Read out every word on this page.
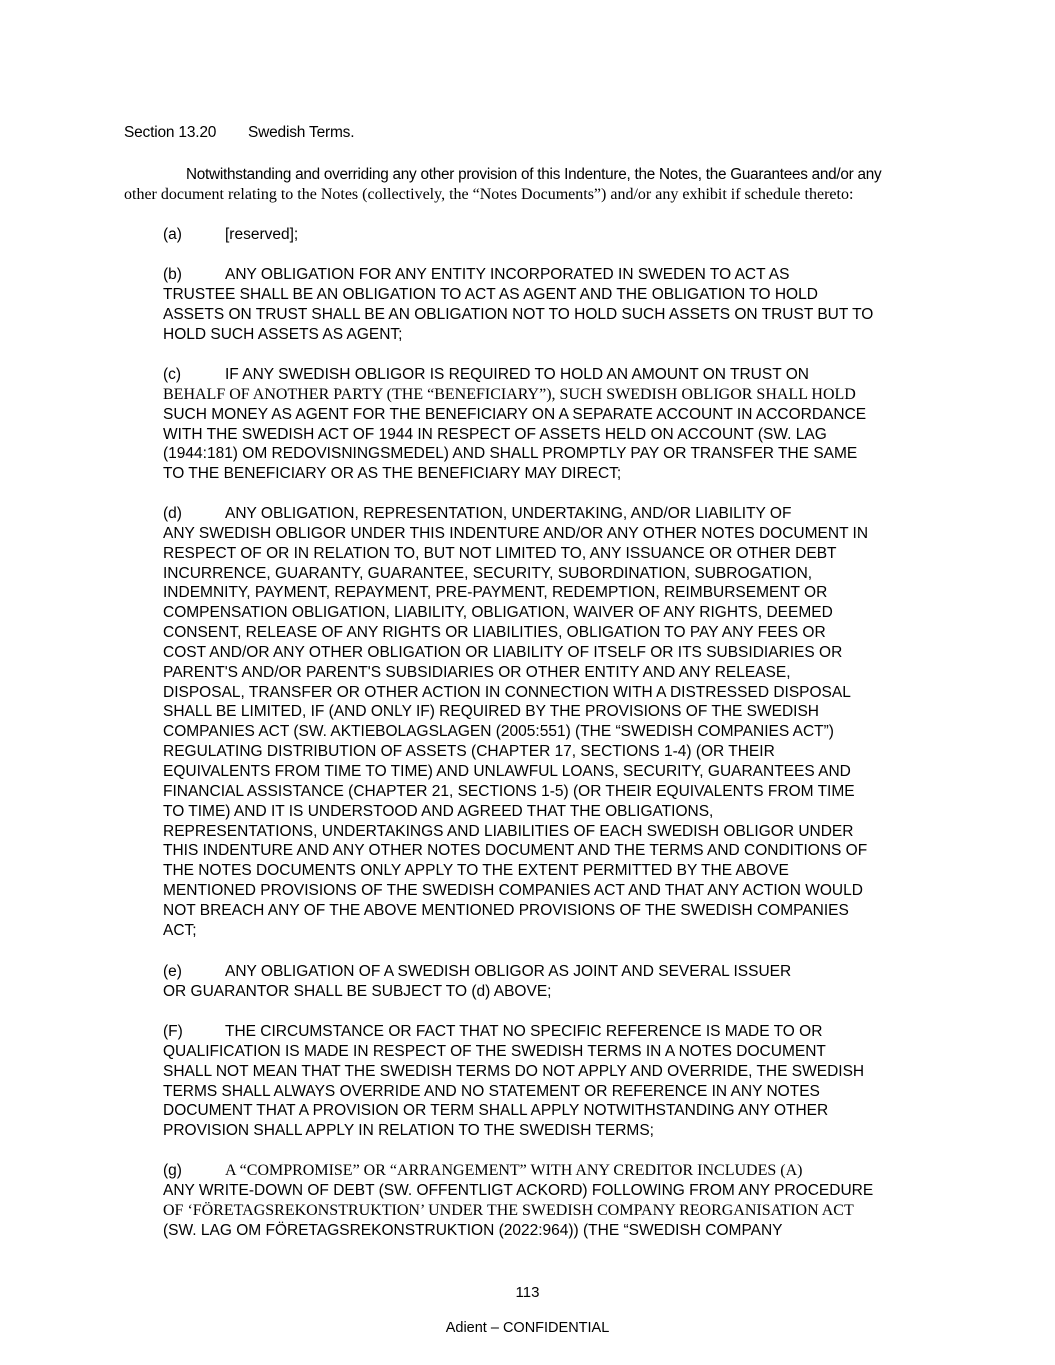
Section 13.20 Swedish Terms.
Notwithstanding and overriding any other provision of this Indenture, the Notes, the Guarantees and/or any
other document relating to the Notes (collectively, the “Notes Documents”) and/or any exhibit if schedule thereto:
(a)	[reserved];
(b)	ANY OBLIGATION FOR ANY ENTITY INCORPORATED IN SWEDEN TO ACT AS
TRUSTEE SHALL BE AN OBLIGATION TO ACT AS AGENT AND THE OBLIGATION TO HOLD
ASSETS ON TRUST SHALL BE AN OBLIGATION NOT TO HOLD SUCH ASSETS ON TRUST BUT TO
HOLD SUCH ASSETS AS AGENT;
(c)	IF ANY SWEDISH OBLIGOR IS REQUIRED TO HOLD AN AMOUNT ON TRUST ON
BEHALF OF ANOTHER PARTY (THE “BENEFICIARY”), SUCH SWEDISH OBLIGOR SHALL HOLD
SUCH MONEY AS AGENT FOR THE BENEFICIARY ON A SEPARATE ACCOUNT IN ACCORDANCE
WITH THE SWEDISH ACT OF 1944 IN RESPECT OF ASSETS HELD ON ACCOUNT (SW. LAG
(1944:181) OM REDOVISNINGSMEDEL) AND SHALL PROMPTLY PAY OR TRANSFER THE SAME
TO THE BENEFICIARY OR AS THE BENEFICIARY MAY DIRECT;
(d)	ANY OBLIGATION, REPRESENTATION, UNDERTAKING, AND/OR LIABILITY OF
ANY SWEDISH OBLIGOR UNDER THIS INDENTURE AND/OR ANY OTHER NOTES DOCUMENT IN
RESPECT OF OR IN RELATION TO, BUT NOT LIMITED TO, ANY ISSUANCE OR OTHER DEBT
INCURRENCE, GUARANTY, GUARANTEE, SECURITY, SUBORDINATION, SUBROGATION,
INDEMNITY, PAYMENT, REPAYMENT, PRE-PAYMENT, REDEMPTION, REIMBURSEMENT OR
COMPENSATION OBLIGATION, LIABILITY, OBLIGATION, WAIVER OF ANY RIGHTS, DEEMED
CONSENT, RELEASE OF ANY RIGHTS OR LIABILITIES, OBLIGATION TO PAY ANY FEES OR
COST AND/OR ANY OTHER OBLIGATION OR LIABILITY OF ITSELF OR ITS SUBSIDIARIES OR
PARENT'S AND/OR PARENT'S SUBSIDIARIES OR OTHER ENTITY AND ANY RELEASE,
DISPOSAL, TRANSFER OR OTHER ACTION IN CONNECTION WITH A DISTRESSED DISPOSAL
SHALL BE LIMITED, IF (AND ONLY IF) REQUIRED BY THE PROVISIONS OF THE SWEDISH
COMPANIES ACT (SW. AKTIEBOLAGSLAGEN (2005:551) (THE “SWEDISH COMPANIES ACT”)
REGULATING DISTRIBUTION OF ASSETS (CHAPTER 17, SECTIONS 1-4) (OR THEIR
EQUIVALENTS FROM TIME TO TIME) AND UNLAWFUL LOANS, SECURITY, GUARANTEES AND
FINANCIAL ASSISTANCE (CHAPTER 21, SECTIONS 1-5) (OR THEIR EQUIVALENTS FROM TIME
TO TIME) AND IT IS UNDERSTOOD AND AGREED THAT THE OBLIGATIONS,
REPRESENTATIONS, UNDERTAKINGS AND LIABILITIES OF EACH SWEDISH OBLIGOR UNDER
THIS INDENTURE AND ANY OTHER NOTES DOCUMENT AND THE TERMS AND CONDITIONS OF
THE NOTES DOCUMENTS ONLY APPLY TO THE EXTENT PERMITTED BY THE ABOVE
MENTIONED PROVISIONS OF THE SWEDISH COMPANIES ACT AND THAT ANY ACTION WOULD
NOT BREACH ANY OF THE ABOVE MENTIONED PROVISIONS OF THE SWEDISH COMPANIES
ACT;
(e)	ANY OBLIGATION OF A SWEDISH OBLIGOR AS JOINT AND SEVERAL ISSUER
OR GUARANTOR SHALL BE SUBJECT TO (d) ABOVE;
(F)	THE CIRCUMSTANCE OR FACT THAT NO SPECIFIC REFERENCE IS MADE TO OR
QUALIFICATION IS MADE IN RESPECT OF THE SWEDISH TERMS IN A NOTES DOCUMENT
SHALL NOT MEAN THAT THE SWEDISH TERMS DO NOT APPLY AND OVERRIDE, THE SWEDISH
TERMS SHALL ALWAYS OVERRIDE AND NO STATEMENT OR REFERENCE IN ANY NOTES
DOCUMENT THAT A PROVISION OR TERM SHALL APPLY NOTWITHSTANDING ANY OTHER
PROVISION SHALL APPLY IN RELATION TO THE SWEDISH TERMS;
(g)	A “COMPROMISE” OR “ARRANGEMENT” WITH ANY CREDITOR INCLUDES (A)
ANY WRITE-DOWN OF DEBT (SW. OFFENTLIGT ACKORD) FOLLOWING FROM ANY PROCEDURE
OF ‘FÖRETAGSREKONSTRUKTION’ UNDER THE SWEDISH COMPANY REORGANISATION ACT
(SW. LAG OM FÖRETAGSREKONSTRUKTION (2022:964)) (THE “SWEDISH COMPANY
113
Adient – CONFIDENTIAL
